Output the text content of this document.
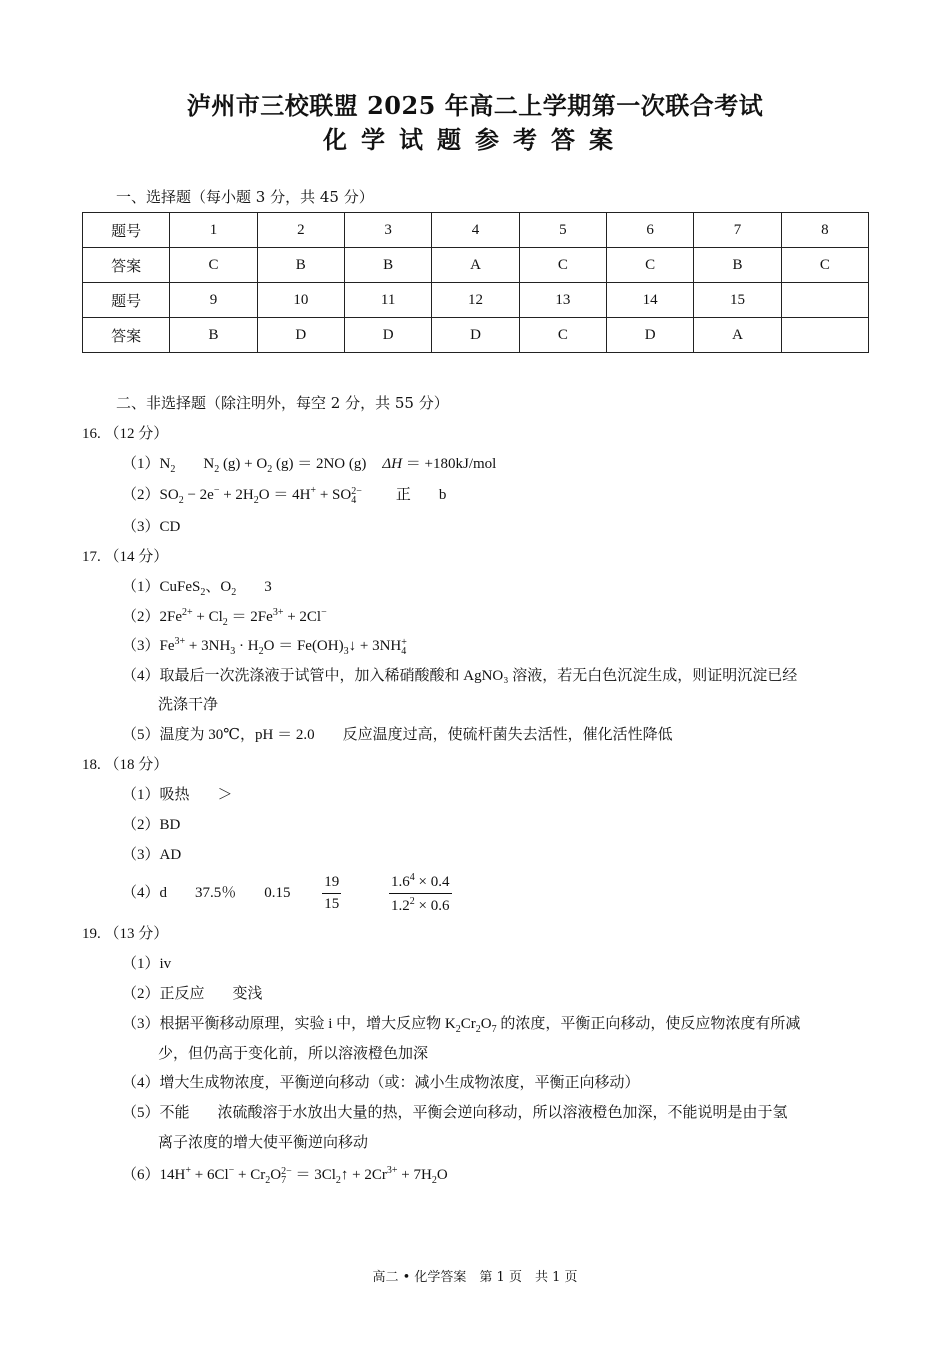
泸州市三校联盟 2025 年高二上学期第一次联合考试
化学试题参考答案
一、选择题（每小题 3 分，共 45 分）
题号	1	2	3	4	5	6	7	8
答案	C	B	B	A	C	C	B	C
题号	9	10	11	12	13	14	15	
答案	B	D	D	D	C	D	A	
二、非选择题（除注明外，每空 2 分，共 55 分）
16. （12 分）
$(1)N_2$ $N_2$ $(g) + O_2$ (g) ＝ 2NO (g) ΔH ＝ +180kJ/mol
$(2)SO_2 - 2e^- + 2H_2O = 4H^+$ + SO 2−
4	正 b
（3）CD
17. （14 分）
（1）CuFeS$_2$、$O_2$ 3
$(2)2Fe^{2+} + Cl_2 = 2Fe^{3+} + 2Cl^-$
$(3)Fe^{3+} + 3NH_3 \cdot H_2O$ ＝ $Fe(OH)_3↓ + 3NH$ +
4
（4）取最后一次洗涤液于试管中，加入稀硝酸酸和 AgNO₃ 溶液，若无白色沉淀生成，则证明沉淀已经
洗涤干净
（5）温度为 30℃，pH ＝ 2.0 反应温度过高，使硫杆菌失去活性，催化活性降低
18. （18 分）
（1）吸热 ＞
（2）BD
（3）AD
（4）d 37.5％ $0.15 \frac{19}{15}$
	$\frac{1.6^4 \times 0.4}{1.2^2 \times 0.6}$
19. （13 分）
（1）iv
（2）正反应 变浅
（3）根据平衡移动原理，实验 i 中，增大反应物 $K_2Cr_2O_7$ 的浓度，平衡正向移动，使反应物浓度有所减
少，但仍高于变化前，所以溶液橙色加深
（4）增大生成物浓度，平衡逆向移动（或：减小生成物浓度，平衡正向移动）
（5）不能 浓硫酸溶于水放出大量的热，平衡会逆向移动，所以溶液橙色加深，不能说明是由于氢
离子浓度的增大使平衡逆向移动
$(6)14H^+ + 6Cl^- + Cr_2O$ 2−
$7 = 3Cl_2↑ + 2Cr^{3+} + 7H_2O$
高二 • 化学答案　第 1 页　共 1 页
